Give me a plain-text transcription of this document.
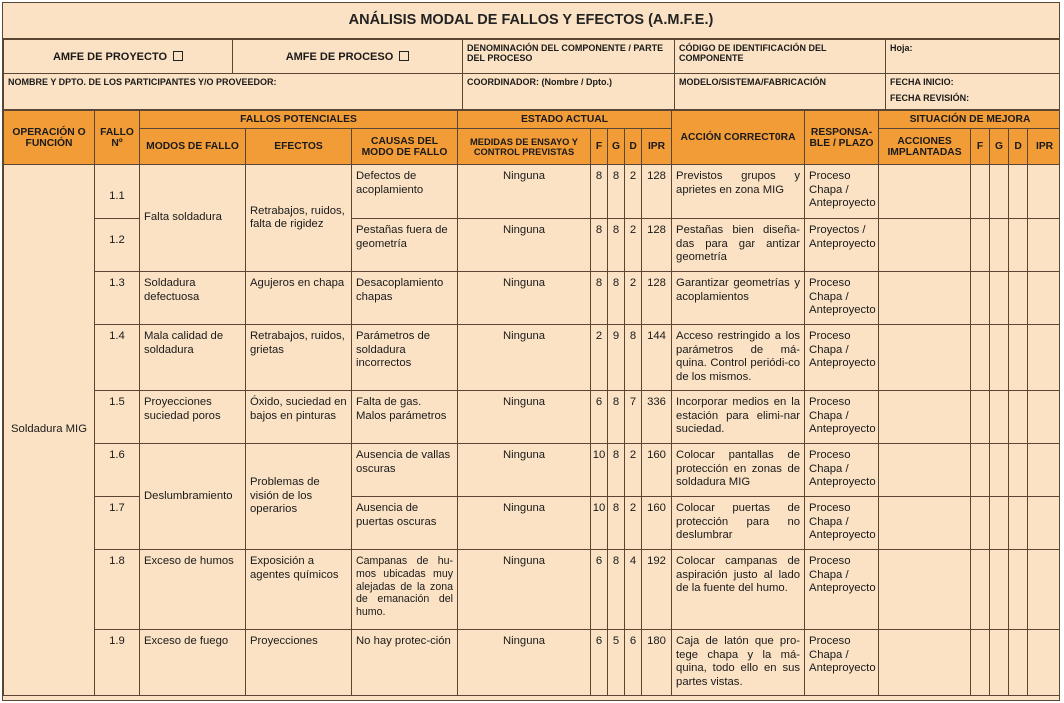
ANÁLISIS MODAL DE FALLOS Y EFECTOS (A.M.F.E.)
AMFE DE PROYECTO	AMFE DE PROCESO	DENOMINACIÓN DEL COMPONENTE / PARTE DEL PROCESO	CÓDIGO DE IDENTIFICACIÓN DEL COMPONENTE	Hoja:
NOMBRE Y DPTO. DE LOS PARTICIPANTES Y/O PROVEEDOR:		COORDINADOR: (Nombre / Dpto.)	MODELO/SISTEMA/FABRICACIÓN	FECHA INICIO:
FECHA REVISIÓN:
OPERACIÓN O FUNCIÓN	FALLO Nº	FALLOS POTENCIALES			ESTADO ACTUAL					ACCIÓN CORRECT0RA	RESPONSA-BLE / PLAZO	SITUACIÓN DE MEJORA				
		MODOS DE FALLO	EFECTOS	CAUSAS DEL MODO DE FALLO	MEDIDAS DE ENSAYO Y CONTROL PREVISTAS	F	G	D	IPR			ACCIONES IMPLANTADAS	F	G	D	IPR
Soldadura MIG	1.1	Falta soldadura	Retrabajos, ruidos, falta de rigidez	Defectos de acoplamiento	Ninguna	8	8	2	128	Previstos grupos y aprietes en zona MIG	Proceso Chapa / Anteproyecto					
	1.2			Pestañas fuera de geometría	Ninguna	8	8	2	128	Pestañas bien diseña-das para gar antizar geometría	Proyectos / Anteproyecto					
	1.3	Soldadura defectuosa	Agujeros en chapa	Desacoplamiento chapas	Ninguna	8	8	2	128	Garantizar geometrías y acoplamientos	Proceso Chapa / Anteproyecto					
	1.4	Mala calidad de soldadura	Retrabajos, ruidos, grietas	Parámetros de soldadura incorrectos	Ninguna	2	9	8	144	Acceso restringido a los parámetros de má-quina. Control periódi-co de los mismos.	Proceso Chapa / Anteproyecto					
	1.5	Proyecciones suciedad poros	Óxido, suciedad en bajos en pinturas	Falta de gas. Malos parámetros	Ninguna	6	8	7	336	Incorporar medios en la estación para elimi-nar suciedad.	Proceso Chapa / Anteproyecto					
	1.6	Deslumbramiento	Problemas de visión de los operarios	Ausencia de vallas oscuras	Ninguna	10	8	2	160	Colocar pantallas de protección en zonas de soldadura MIG	Proceso Chapa / Anteproyecto					
	1.7			Ausencia de puertas oscuras	Ninguna	10	8	2	160	Colocar puertas de protección para no deslumbrar	Proceso Chapa / Anteproyecto					
	1.8	Exceso de humos	Exposición a agentes químicos	Campanas de hu-mos ubicadas muy alejadas de la zona de emanación del humo.	Ninguna	6	8	4	192	Colocar campanas de aspiración justo al lado de la fuente del humo.	Proceso Chapa / Anteproyecto					
	1.9	Exceso de fuego	Proyecciones	No hay protec-ción	Ninguna	6	5	6	180	Caja de latón que pro-tege chapa y la má-quina, todo ello en sus partes vistas.	Proceso Chapa / Anteproyecto					
